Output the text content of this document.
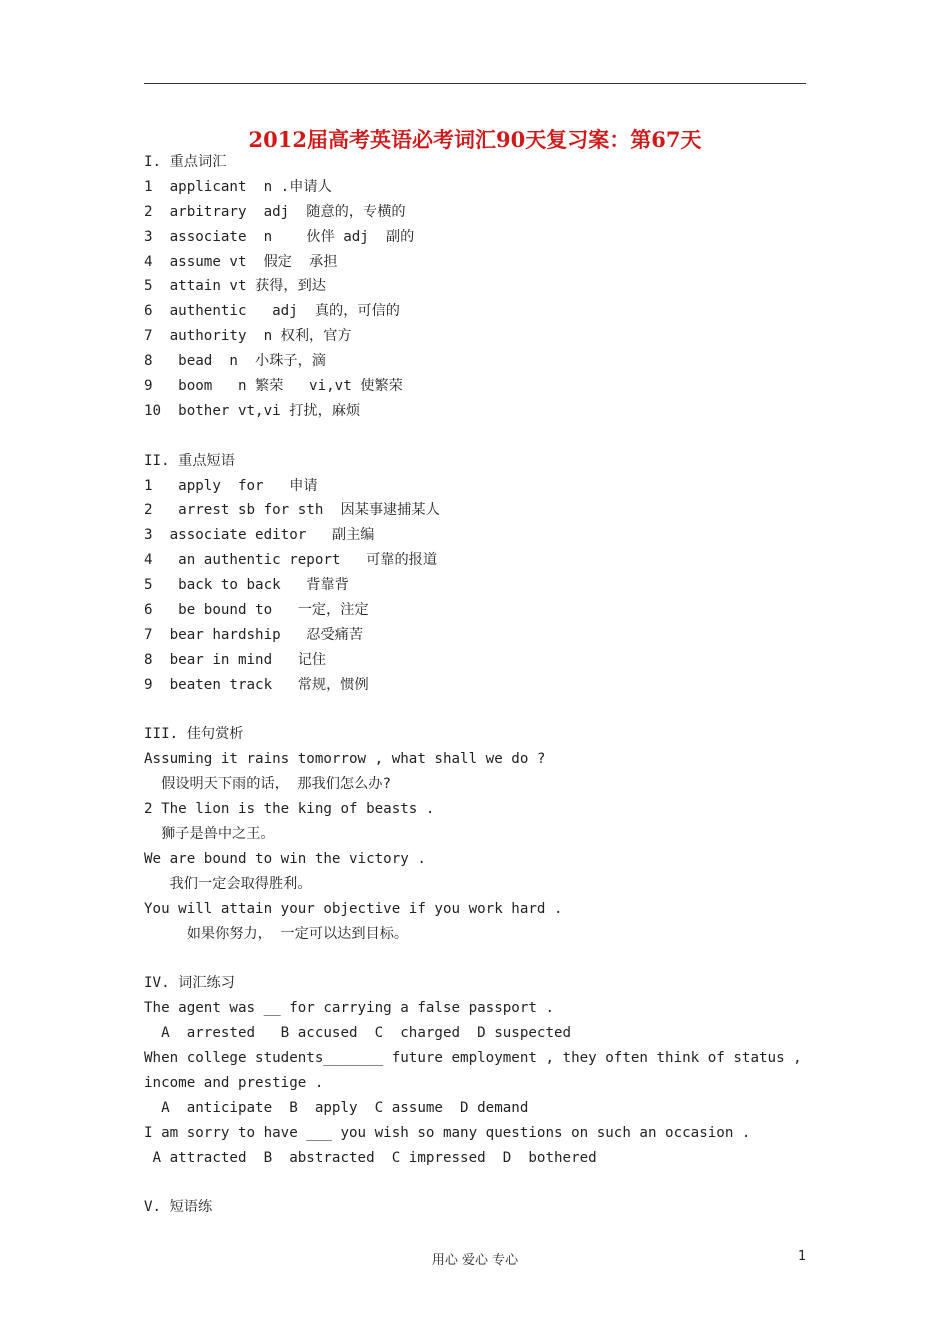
2012届高考英语必考词汇90天复习案：第67天
I. 重点词汇
1  applicant  n .申请人
2  arbitrary  adj  随意的，专横的
3  associate  n    伙伴 adj  副的
4  assume vt  假定  承担
5  attain vt 获得，到达
6  authentic   adj  真的，可信的
7  authority  n 权利，官方
8   bead  n  小珠子，滴
9   boom   n 繁荣   vi,vt 使繁荣
10  bother vt,vi 打扰，麻烦
II. 重点短语
1   apply  for   申请
2   arrest sb for sth  因某事逮捕某人
3  associate editor   副主编
4   an authentic report   可靠的报道
5   back to back   背靠背
6   be bound to   一定，注定
7  bear hardship   忍受痛苦
8  bear in mind   记住
9  beaten track   常规，惯例
III. 佳句赏析
Assuming it rains tomorrow , what shall we do ?
假设明天下雨的话， 那我们怎么办?
2 The lion is the king of beasts .
狮子是兽中之王。
We are bound to win the victory .
我们一定会取得胜利。
You will attain your objective if you work hard .
如果你努力， 一定可以达到目标。
IV. 词汇练习
The agent was __ for carrying a false passport .
A  arrested   B accused  C  charged  D suspected
When college students_______ future employment , they often think of status ,
income and prestige .
A  anticipate  B  apply  C assume  D demand
I am sorry to have ___ you wish so many questions on such an occasion .
A attracted  B  abstracted  C impressed  D  bothered
V. 短语练
用心 爱心 专心	1
